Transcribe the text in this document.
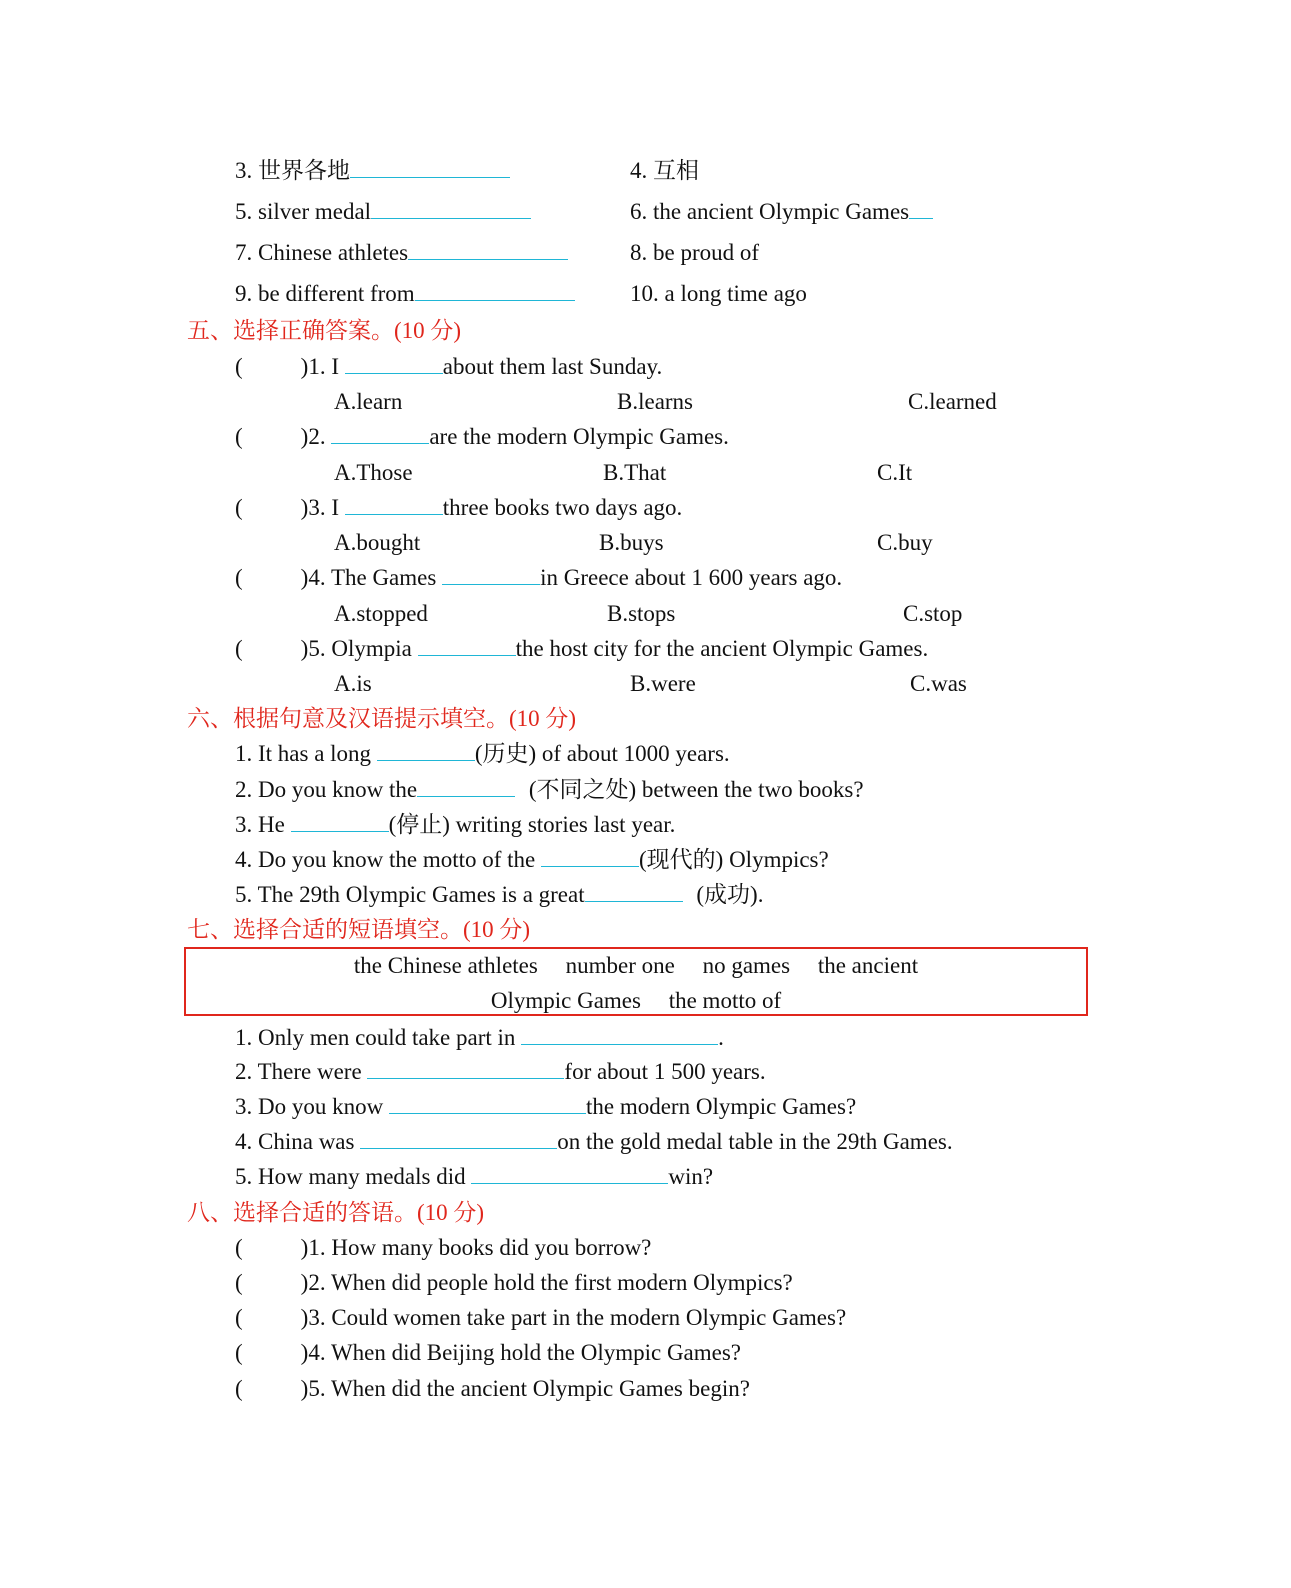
3. 世界各地	4. 互相
5. silver medal	6. the ancient Olympic Games
7. Chinese athletes	8. be proud of
9. be different from	10. a long time ago
五、选择正确答案。(10 分)
(	)1. I	about them last Sunday.
A.learn	B.learns	C.learned
(	)2.	are the modern Olympic Games.
A.Those	B.That	C.It
(	)3. I	three books two days ago.
A.bought	B.buys	C.buy
(	)4. The Games	in Greece about 1 600 years ago.
A.stopped	B.stops	C.stop
(	)5. Olympia	the host city for the ancient Olympic Games.
A.is	B.were	C.was
六、根据句意及汉语提示填空。(10 分)
1. It has a long	(历史) of about 1000 years.
2. Do you know the	(不同之处) between the two books?
3. He	(停止) writing stories last year.
4. Do you know the motto of the	(现代的) Olympics?
5. The 29th Olympic Games is a great	(成功).
七、选择合适的短语填空。(10 分)
the Chinese athletes number one no games the ancient
Olympic Games the motto of
1. Only men could take part in	.
2. There were	for about 1 500 years.
3. Do you know	the modern Olympic Games?
4. China was	on the gold medal table in the 29th Games.
5. How many medals did	win?
八、选择合适的答语。(10 分)
(	)1. How many books did you borrow?
(	)2. When did people hold the first modern Olympics?
(	)3. Could women take part in the modern Olympic Games?
(	)4. When did Beijing hold the Olympic Games?
(	)5. When did the ancient Olympic Games begin?
